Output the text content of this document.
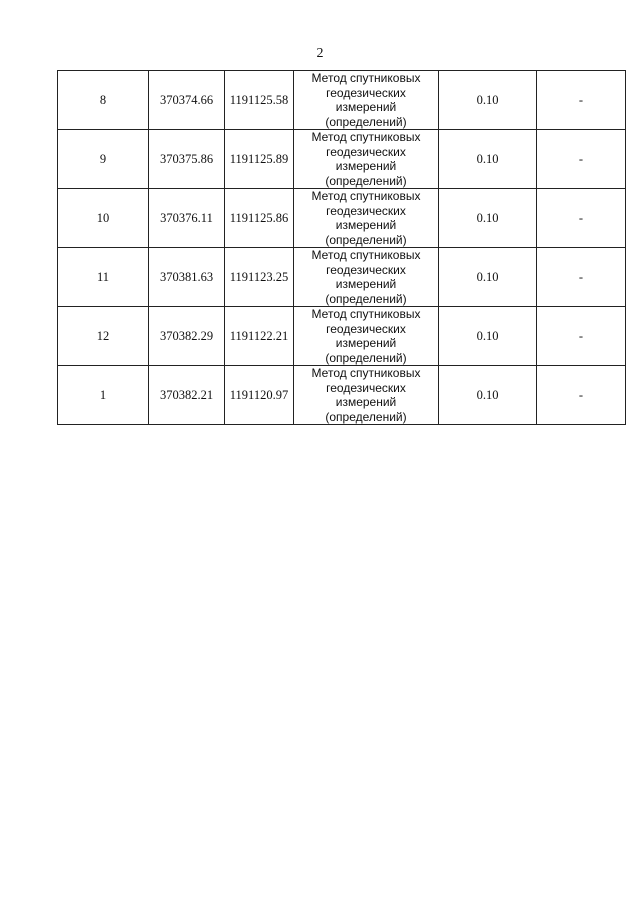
2
8	370374.66	1191125.58	Метод спутниковых
геодезических измерений
(определений)	0.10	-
9	370375.86	1191125.89	Метод спутниковых
геодезических измерений
(определений)	0.10	-
10	370376.11	1191125.86	Метод спутниковых
геодезических измерений
(определений)	0.10	-
11	370381.63	1191123.25	Метод спутниковых
геодезических измерений
(определений)	0.10	-
12	370382.29	1191122.21	Метод спутниковых
геодезических измерений
(определений)	0.10	-
1	370382.21	1191120.97	Метод спутниковых
геодезических измерений
(определений)	0.10	-
